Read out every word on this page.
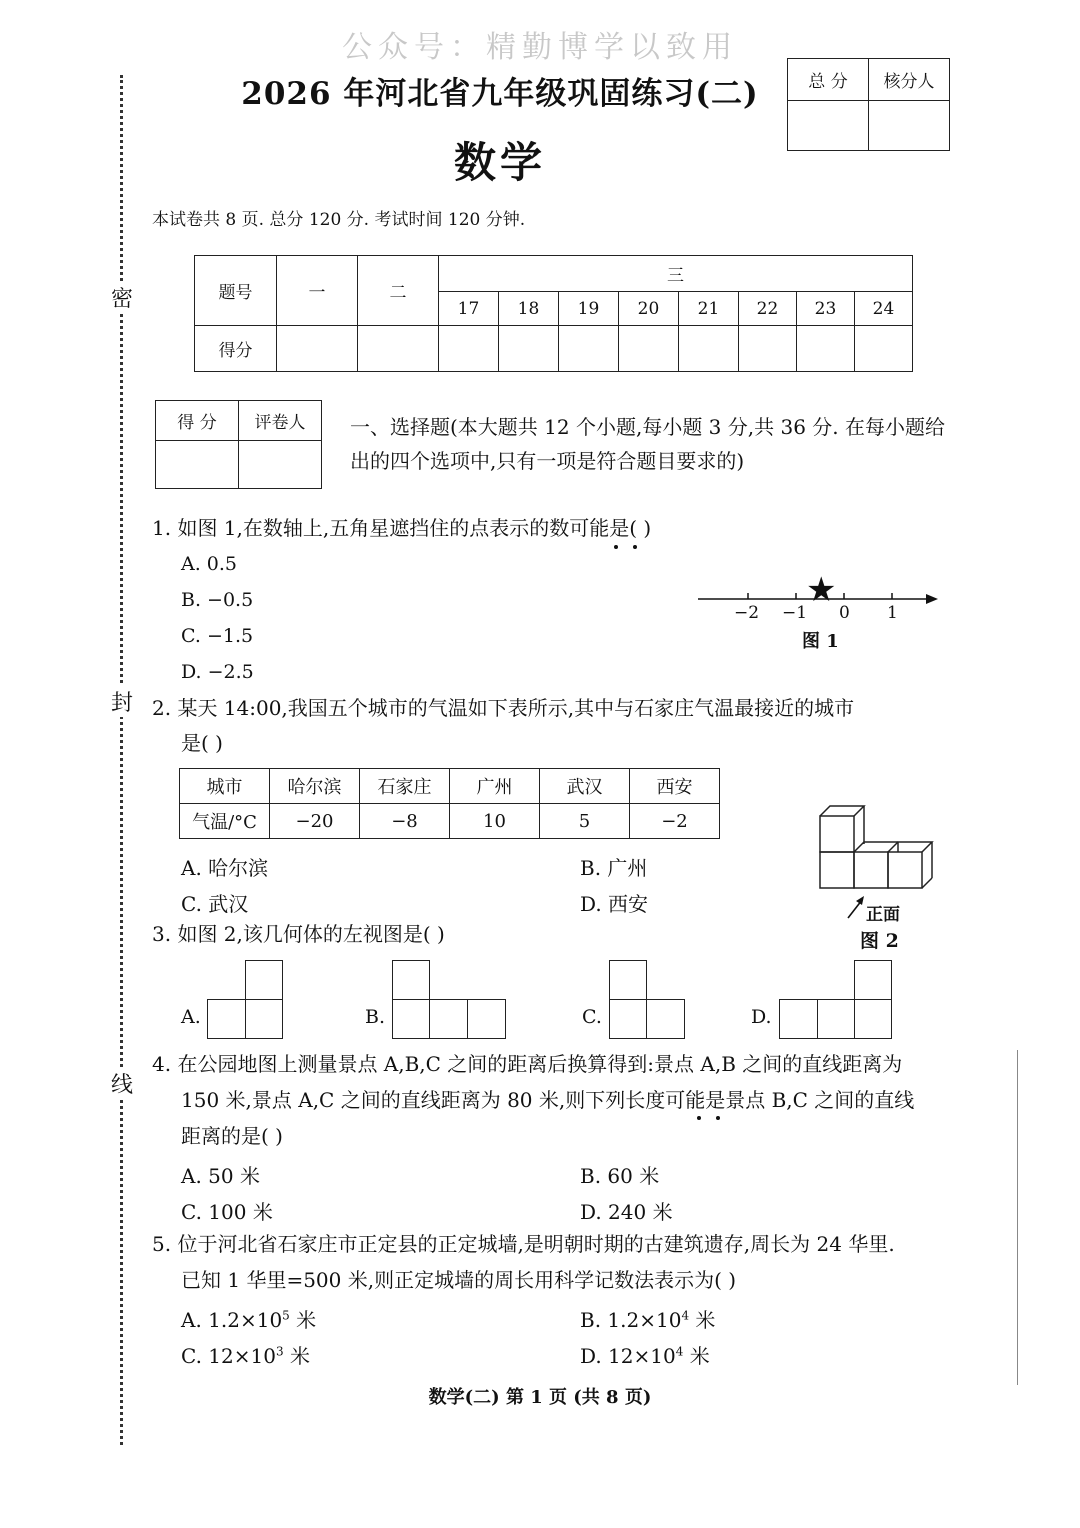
公众号：精勤博学以致用
密
封
线
2026 年河北省九年级巩固练习(二)
数学
本试卷共 8 页. 总分 120 分. 考试时间 120 分钟.
总 分	核分人

题号	一	二	三							
			17	18	19	20	21	22	23	24
得分										
得 分	评卷人
	一、选择题(本大题共 12 个小题,每小题 3 分,共 36 分. 在每小题给出的四个选项中,只有一项是符合题目要求的)
1. 如图 1,在数轴上,五角星遮挡住的点表示的数可能是( )
A. 0.5
B. −0.5
C. −1.5
D. −2.5
★
−2 −1 0 1
图 1
2. 某天 14:00,我国五个城市的气温如下表所示,其中与石家庄气温最接近的城市
是( )
城市	哈尔滨	石家庄	广州	武汉	西安
气温/°C	−20	−8	10	5	−2
A. 哈尔滨	B. 广州
C. 武汉	D. 西安	正面
图 2
3. 如图 2,该几何体的左视图是( )
A.	B.	C.	D.
4. 在公园地图上测量景点 A,B,C 之间的距离后换算得到:景点 A,B 之间的直线距离为
150 米,景点 A,C 之间的直线距离为 80 米,则下列长度可能是景点 B,C 之间的直线
距离的是( )
A. 50 米	B. 60 米
C. 100 米	D. 240 米
5. 位于河北省石家庄市正定县的正定城墙,是明朝时期的古建筑遗存,周长为 24 华里.
已知 1 华里=500 米,则正定城墙的周长用科学记数法表示为( )
A. $1.2\times 10^5$ 米	B. $1.2\times 10^4$ 米
C. $12\times 10^3$ 米	D. $12\times 10^4$ 米
数学(二) 第 1 页 (共 8 页)
